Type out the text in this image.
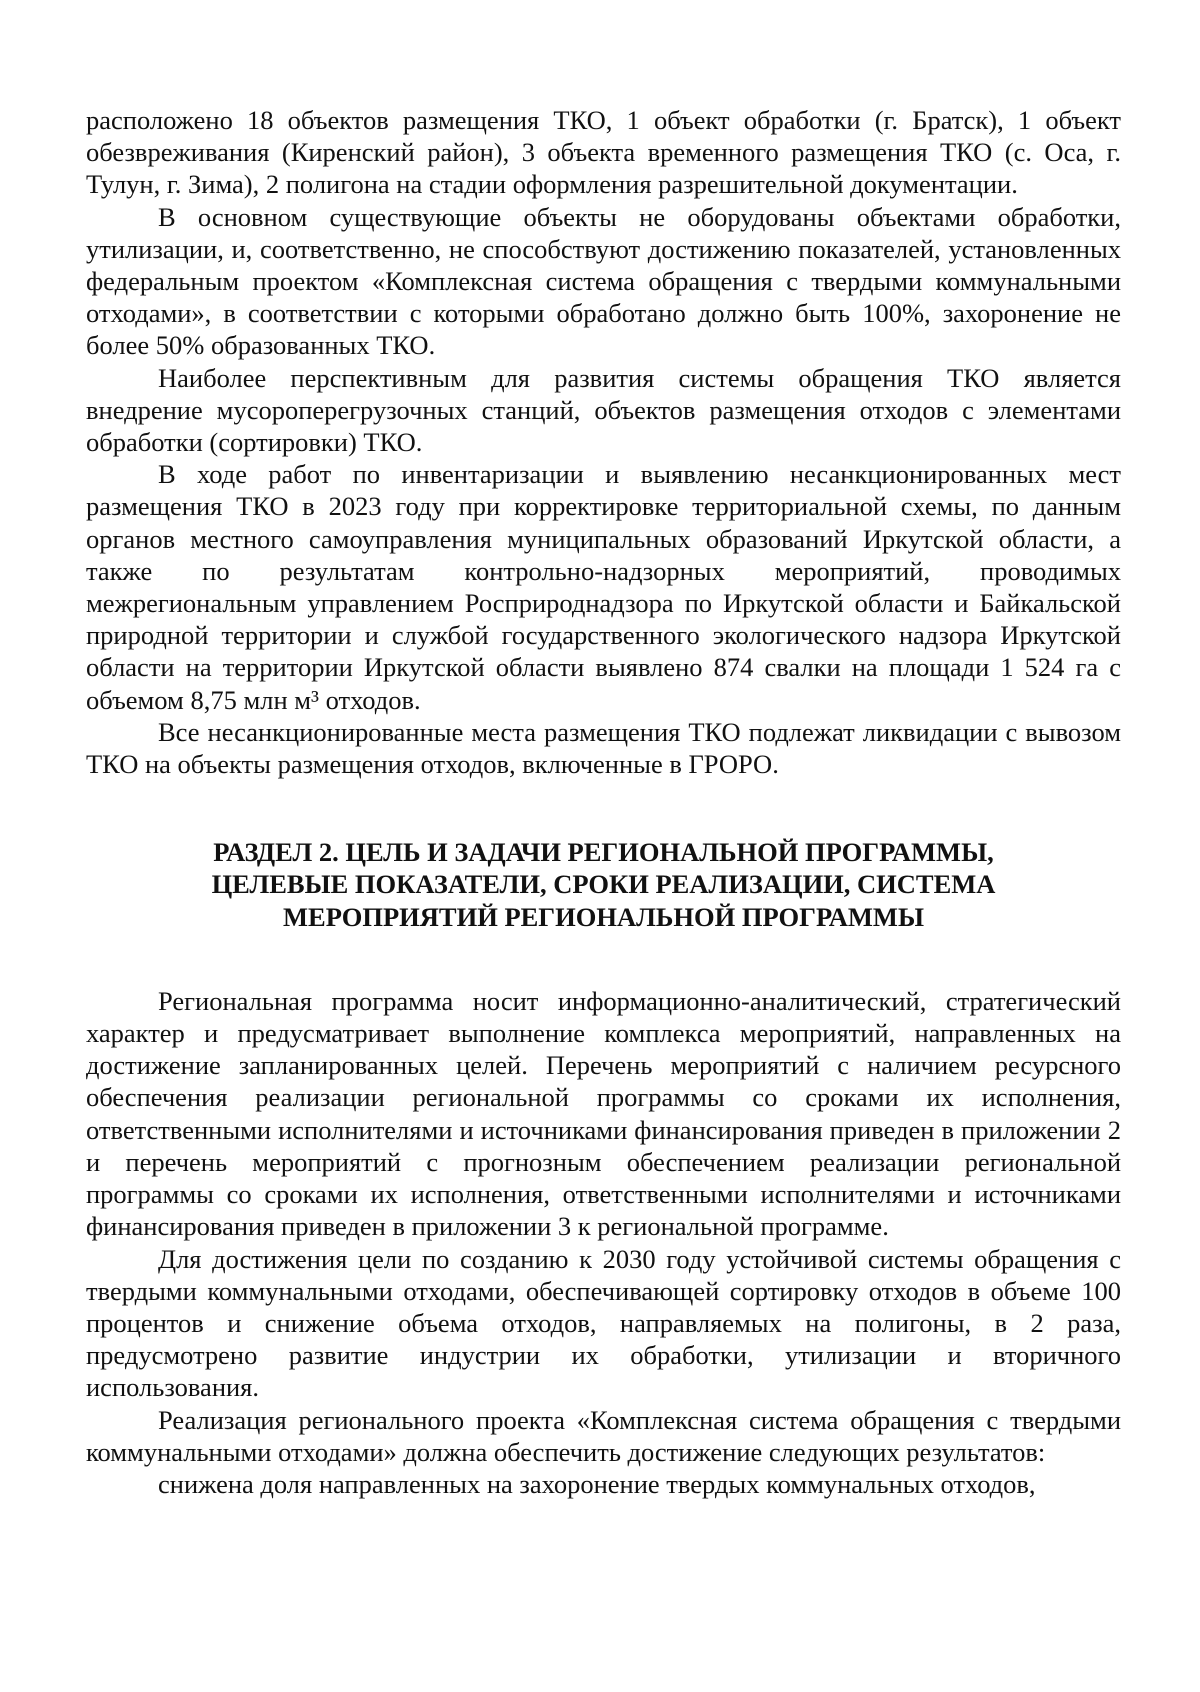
расположено 18 объектов размещения ТКО, 1 объект обработки (г. Братск), 1 объект обезвреживания (Киренский район), 3 объекта временного размещения ТКО (с. Оса, г. Тулун, г. Зима), 2 полигона на стадии оформления разрешительной документации.

В основном существующие объекты не оборудованы объектами обработки, утилизации, и, соответственно, не способствуют достижению показателей, установленных федеральным проектом «Комплексная система обращения с твердыми коммунальными отходами», в соответствии с которыми обработано должно быть 100%, захоронение не более 50% образованных ТКО.

Наиболее перспективным для развития системы обращения ТКО является внедрение мусороперегрузочных станций, объектов размещения отходов с элементами обработки (сортировки) ТКО.

В ходе работ по инвентаризации и выявлению несанкционированных мест размещения ТКО в 2023 году при корректировке территориальной схемы, по данным органов местного самоуправления муниципальных образований Иркутской области, а также по результатам контрольно-надзорных мероприятий, проводимых межрегиональным управлением Росприроднадзора по Иркутской области и Байкальской природной территории и службой государственного экологического надзора Иркутской области на территории Иркутской области выявлено 874 свалки на площади 1 524 га с объемом 8,75 млн м³ отходов.

Все несанкционированные места размещения ТКО подлежат ликвидации с вывозом ТКО на объекты размещения отходов, включенные в ГРОРО.

РАЗДЕЛ 2. ЦЕЛЬ И ЗАДАЧИ РЕГИОНАЛЬНОЙ ПРОГРАММЫ,
ЦЕЛЕВЫЕ ПОКАЗАТЕЛИ, СРОКИ РЕАЛИЗАЦИИ, СИСТЕМА
МЕРОПРИЯТИЙ РЕГИОНАЛЬНОЙ ПРОГРАММЫ

Региональная программа носит информационно-аналитический, стратегический характер и предусматривает выполнение комплекса мероприятий, направленных на достижение запланированных целей. Перечень мероприятий с наличием ресурсного обеспечения реализации региональной программы со сроками их исполнения, ответственными исполнителями и источниками финансирования приведен в приложении 2 и перечень мероприятий с прогнозным обеспечением реализации региональной программы со сроками их исполнения, ответственными исполнителями и источниками финансирования приведен в приложении 3 к региональной программе.

Для достижения цели по созданию к 2030 году устойчивой системы обращения с твердыми коммунальными отходами, обеспечивающей сортировку отходов в объеме 100 процентов и снижение объема отходов, направляемых на полигоны, в 2 раза, предусмотрено развитие индустрии их обработки, утилизации и вторичного использования.

Реализация регионального проекта «Комплексная система обращения с твердыми коммунальными отходами» должна обеспечить достижение следующих результатов:

снижена доля направленных на захоронение твердых коммунальных отходов,
